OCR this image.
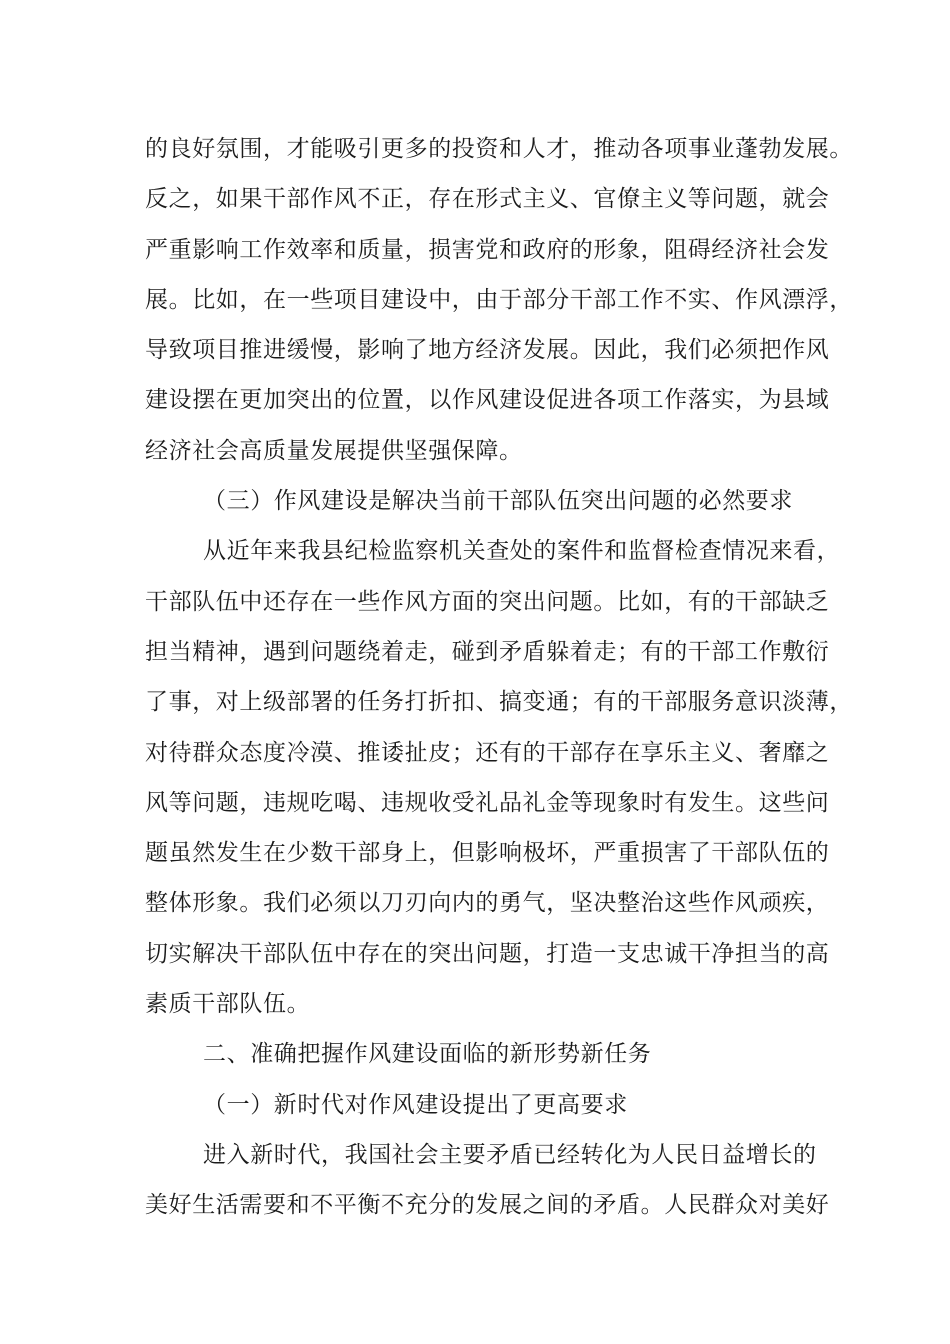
的良好氛围，才能吸引更多的投资和人才，推动各项事业蓬勃发展。
反之，如果干部作风不正，存在形式主义、官僚主义等问题，就会
严重影响工作效率和质量，损害党和政府的形象，阻碍经济社会发
展。比如，在一些项目建设中，由于部分干部工作不实、作风漂浮，
导致项目推进缓慢，影响了地方经济发展。因此，我们必须把作风
建设摆在更加突出的位置，以作风建设促进各项工作落实，为县域
经济社会高质量发展提供坚强保障。
（三）作风建设是解决当前干部队伍突出问题的必然要求
从近年来我县纪检监察机关查处的案件和监督检查情况来看，
干部队伍中还存在一些作风方面的突出问题。比如，有的干部缺乏
担当精神，遇到问题绕着走，碰到矛盾躲着走；有的干部工作敷衍
了事，对上级部署的任务打折扣、搞变通；有的干部服务意识淡薄，
对待群众态度冷漠、推诿扯皮；还有的干部存在享乐主义、奢靡之
风等问题，违规吃喝、违规收受礼品礼金等现象时有发生。这些问
题虽然发生在少数干部身上，但影响极坏，严重损害了干部队伍的
整体形象。我们必须以刀刃向内的勇气，坚决整治这些作风顽疾，
切实解决干部队伍中存在的突出问题，打造一支忠诚干净担当的高
素质干部队伍。
二、准确把握作风建设面临的新形势新任务
（一）新时代对作风建设提出了更高要求
进入新时代，我国社会主要矛盾已经转化为人民日益增长的
美好生活需要和不平衡不充分的发展之间的矛盾。人民群众对美好
